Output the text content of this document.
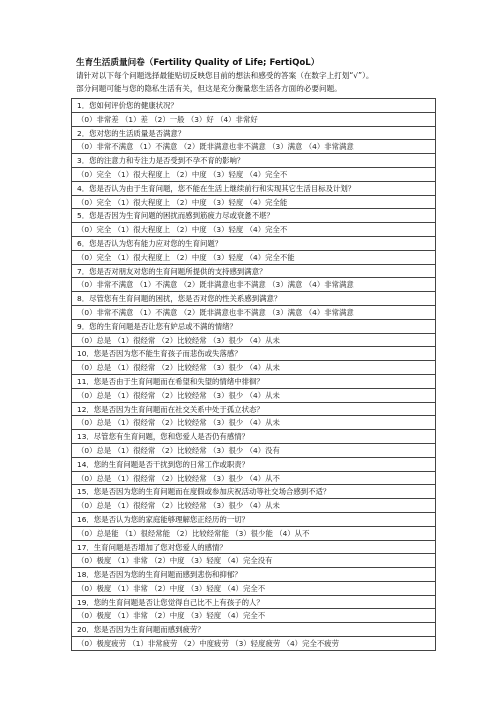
生育生活质量问卷（Fertility Quality of Life; FertiQoL）
请针对以下每个问题选择最能贴切反映您目前的想法和感受的答案（在数字上打划“√”）。
部分问题可能与您的隐私生活有关，但这是充分衡量您生活各方面的必要问题。
1．您如何评价您的健康状况？
（0）非常差 （1）差 （2）一般 （3）好 （4）非常好
2．您对您的生活质量是否满意？
（0）非常不满意 （1）不满意 （2）既非满意也非不满意 （3）满意 （4）非常满意
3．您的注意力和专注力是否受到不孕不育的影响？
（0）完全 （1）很大程度上 （2）中度 （3）轻度 （4）完全不
4．您是否认为由于生育问题，您不能在生活上继续前行和实现其它生活目标及计划？
（0）完全 （1）很大程度上 （2）中度 （3）轻度 （4）完全能
5．您是否因为生育问题的困扰而感到筋疲力尽或衰惫不堪？
（0）完全 （1）很大程度上 （2）中度 （3）轻度 （4）完全不
6．您是否认为您有能力应对您的生育问题？
（0）完全 （1）很大程度上 （2）中度 （3）轻度 （4）完全不能
7．您是否对朋友对您的生育问题所提供的支持感到满意？
（0）非常不满意 （1）不满意 （2）既非满意也非不满意 （3）满意 （4）非常满意
8．尽管您有生育问题的困扰，您是否对您的性关系感到满意？
（0）非常不满意 （1）不满意 （2）既非满意也非不满意 （3）满意 （4）非常满意
9．您的生育问题是否让您有妒忌或不满的情绪？
（0）总是 （1）很经常 （2）比较经常 （3）很少 （4）从未
10．您是否因为您不能生育孩子而悲伤或失落感？
（0）总是 （1）很经常 （2）比较经常 （3）很少 （4）从未
11．您是否由于生育问题而在希望和失望的情绪中徘徊？
（0）总是 （1）很经常 （2）比较经常 （3）很少 （4）从未
12．您是否因为生育问题而在社交关系中处于孤立状态？
（0）总是 （1）很经常 （2）比较经常 （3）很少 （4）从未
13．尽管您有生育问题，您和您爱人是否仍有感情？
（0）总是 （1）很经常 （2）比较经常 （3）很少 （4）没有
14．您的生育问题是否干扰到您的日常工作或职责？
（0）总是 （1）很经常 （2）比较经常 （3）很少 （4）从不
15．您是否因为您的生育问题而在度假或参加庆祝活动等社交场合感到不适？
（0）总是 （1）很经常 （2）比较经常 （3）很少 （4）从未
16．您是否认为您的家庭能够理解您正经历的一切？
（0）总是能 （1）很经常能 （2）比较经常能 （3）很少能 （4）从不
17．生育问题是否增加了您对您爱人的感情？
（0）极度 （1）非常 （2）中度 （3）轻度 （4）完全没有
18．您是否因为您的生育问题而感到悲伤和抑郁？
（0）极度 （1）非常 （2）中度 （3）轻度 （4）完全不
19．您的生育问题是否让您觉得自己比不上有孩子的人？
（0）极度 （1）非常 （2）中度 （3）轻度 （4）完全不
20．您是否因为生育问题而感到疲劳？
（0）极度疲劳 （1）非常疲劳 （2）中度疲劳 （3）轻度疲劳 （4）完全不疲劳
